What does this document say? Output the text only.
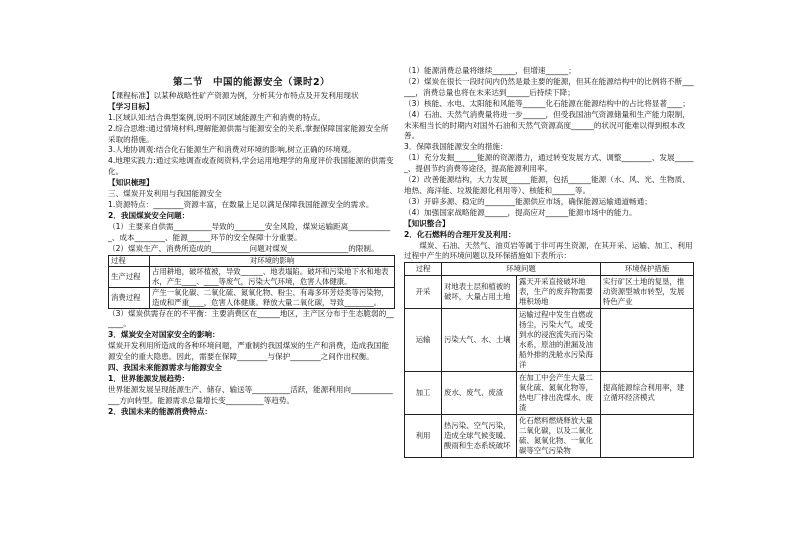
第二节　中国的能源安全（课时2）

【课程标准】以某种战略性矿产资源为例，分析其分布特点及开发利用现状

【学习目标】

1.区域认知:结合典型案例,说明不同区域能源生产和消费的特点。

2.综合思维:通过情境材料,理解能源供需与能源安全的关系,掌握保障国家能源安全所采取的措施。

3.人地协调观:结合化石能源生产和消费对环境的影响,树立正确的环境观。

4.地理实践力:通过实地调查或查阅资料,学会运用地理学的角度评价我国能源的供需变化。

【知识梳理】

三、煤炭开发利用与我国能源安全

1.资源特点：________资源丰富，在数量上足以满足保障我国能源安全的需求。

2．我国煤炭安全问题：

（1）主要来自供需__________导致的________安全风险，煤炭运输距离____________、成本________、能源______环节的安全保障十分重要。

（2）煤炭生产、消费所造成的__________问题对煤炭________________的限制。

过程	对环境的影响
生产过程	占用耕地，破坏植被，导致______、地表塌陷。破坏和污染地下水和地表水，产生____、____等废气，污染大气环境，危害人体健康。
消费过程	产生一氧化碳、二氧化硫、氮氧化物、粉尘、有毒多环芳烃类等污染物，造成和严重____，危害人体健康。释放大量二氧化碳，导致________。

（3）煤炭供需存在的不平衡：主要消费区在______地区，主产区分布于生态脆弱的______。

3．煤炭安全对国家安全的影响：

煤炭开发利用所造成的各种环境问题，严重制约我国煤炭的生产和消费，造成我国能源安全的重大隐患。因此，需要在保障________与保护________之间作出权衡。

四、我国未来能源需求与能源安全

1．世界能源发展趋势：

世界能源发展呈现能源生产、储存、输送等__________活跃，能源利用向______________方向转型。能源需求总量增长变__________等趋势。

2．我国未来的能源消费特点：

（1）能源消费总量将继续______，但增速______；

（2）煤炭在很长一段时间内仍然是最主要的能源，但其在能源结构中的比例将不断______，消费总量也将在未来达到______后持续下降；

（3）核能、水电、太阳能和风能等______化石能源在能源结构中的占比将显著____；（4）石油、天然气消费量将进一步______，但受我国油气资源储量和生产能力限制，未来相当长的时期内对国外石油和天然气资源高度______的状况可能难以得到根本改善。

3．保障我国能源安全的措施：

（1）充分发掘______能源的资源潜力，通过转变发展方式、调整________、发展______、提倡节约消费等途径，提高能源利用率。

（2）改善能源结构，大力发展______能源，包括______能源（水、风、光、生物质、地热、海洋能、垃圾能源化利用等）、核能和______等。

（3）开辟多源、稳定的________能源供应市场，确保能源运输通道畅通；

（4）加强国家战略能源______，提高应对______能源市场中的能力。

【知识整合】

2．化石燃料的合理开发及利用：

煤炭、石油、天然气、油页岩等属于非可再生资源，在其开采、运输、加工、利用过程中产生的环境问题以及环保措施如下表所示：

过程	环境问题		环境保护措施
开采	对地表土层和植被的破坏，大量占用土地	露天开采直接破坏地表，生产的废弃物需要堆积场地	实行矿区土地的复垦，推动资源型城市转型，发展特色产业
运输	污染大气、水、土壤	运输过程中发生自燃或扬尘，污染大气，或受到水的浸泡流失而污染水系，原油的泄漏及油船外排的洗舱水污染海洋	
加工	废水、废气、废渣	在加工中会产生大量二氧化硫、氮氧化物等，热电厂排出洗煤水、废渣	提高能源综合利用率，建立循环经济模式
利用	热污染、空气污染，造成全球气候变暖、酸雨和生态系统破坏	化石燃料燃烧释放大量二氧化碳，以及二氧化硫、氮氧化物、一氧化碳等空气污染物	
